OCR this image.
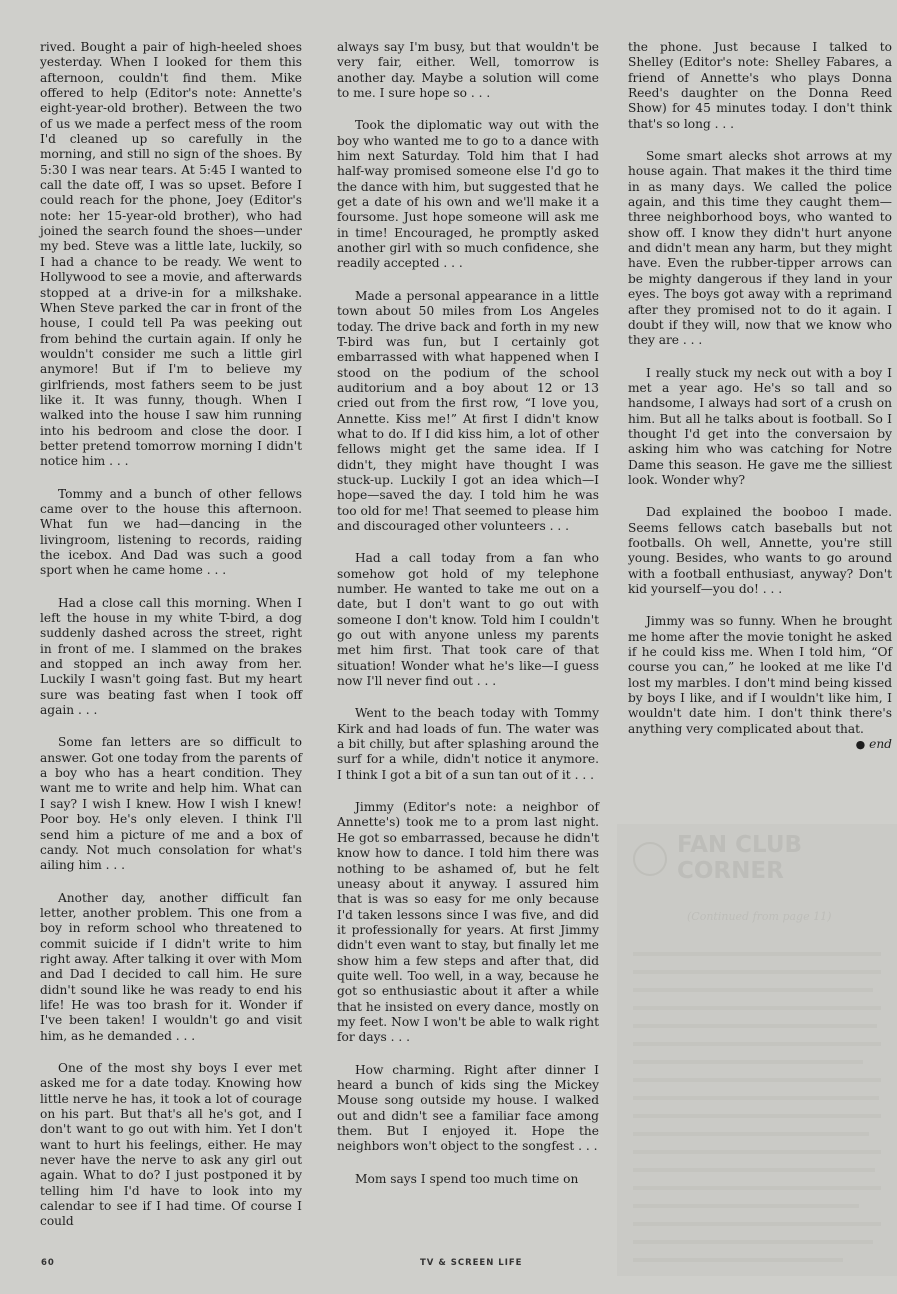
rived. Bought a pair of high-heeled shoes yesterday. When I looked for them this afternoon, couldn't find them. Mike offered to help (Editor's note: Annette's eight-year-old brother). Between the two of us we made a perfect mess of the room I'd cleaned up so carefully in the morning, and still no sign of the shoes. By 5:30 I was near tears. At 5:45 I wanted to call the date off, I was so upset. Before I could reach for the phone, Joey (Editor's note: her 15-year-old brother), who had joined the search found the shoes—under my bed. Steve was a little late, luckily, so I had a chance to be ready. We went to Hollywood to see a movie, and afterwards stopped at a drive-in for a milkshake. When Steve parked the car in front of the house, I could tell Pa was peeking out from behind the curtain again. If only he wouldn't consider me such a little girl anymore! But if I'm to believe my girlfriends, most fathers seem to be just like it. It was funny, though. When I walked into the house I saw him running into his bedroom and close the door. I better pretend tomorrow morning I didn't notice him . . .

Tommy and a bunch of other fellows came over to the house this afternoon. What fun we had—dancing in the livingroom, listening to records, raiding the icebox. And Dad was such a good sport when he came home . . .

Had a close call this morning. When I left the house in my white T-bird, a dog suddenly dashed across the street, right in front of me. I slammed on the brakes and stopped an inch away from her. Luckily I wasn't going fast. But my heart sure was beating fast when I took off again . . .

Some fan letters are so difficult to answer. Got one today from the parents of a boy who has a heart condition. They want me to write and help him. What can I say? I wish I knew. How I wish I knew! Poor boy. He's only eleven. I think I'll send him a picture of me and a box of candy. Not much consolation for what's ailing him . . .

Another day, another difficult fan letter, another problem. This one from a boy in reform school who threatened to commit suicide if I didn't write to him right away. After talking it over with Mom and Dad I decided to call him. He sure didn't sound like he was ready to end his life! He was too brash for it. Wonder if I've been taken! I wouldn't go and visit him, as he demanded . . .

One of the most shy boys I ever met asked me for a date today. Knowing how little nerve he has, it took a lot of courage on his part. But that's all he's got, and I don't want to go out with him. Yet I don't want to hurt his feelings, either. He may never have the nerve to ask any girl out again. What to do? I just postponed it by telling him I'd have to look into my calendar to see if I had time. Of course I could

always say I'm busy, but that wouldn't be very fair, either. Well, tomorrow is another day. Maybe a solution will come to me. I sure hope so . . .

Took the diplomatic way out with the boy who wanted me to go to a dance with him next Saturday. Told him that I had half-way promised someone else I'd go to the dance with him, but suggested that he get a date of his own and we'll make it a foursome. Just hope someone will ask me in time! Encouraged, he promptly asked another girl with so much confidence, she readily accepted . . .

Made a personal appearance in a little town about 50 miles from Los Angeles today. The drive back and forth in my new T-bird was fun, but I certainly got embarrassed with what happened when I stood on the podium of the school auditorium and a boy about 12 or 13 cried out from the first row, “I love you, Annette. Kiss me!” At first I didn't know what to do. If I did kiss him, a lot of other fellows might get the same idea. If I didn't, they might have thought I was stuck-up. Luckily I got an idea which—I hope—saved the day. I told him he was too old for me! That seemed to please him and discouraged other volunteers . . .

Had a call today from a fan who somehow got hold of my telephone number. He wanted to take me out on a date, but I don't want to go out with someone I don't know. Told him I couldn't go out with anyone unless my parents met him first. That took care of that situation! Wonder what he's like—I guess now I'll never find out . . .

Went to the beach today with Tommy Kirk and had loads of fun. The water was a bit chilly, but after splashing around the surf for a while, didn't notice it anymore. I think I got a bit of a sun tan out of it . . .

Jimmy (Editor's note: a neighbor of Annette's) took me to a prom last night. He got so embarrassed, because he didn't know how to dance. I told him there was nothing to be ashamed of, but he felt uneasy about it anyway. I assured him that is was so easy for me only because I'd taken lessons since I was five, and did it professionally for years. At first Jimmy didn't even want to stay, but finally let me show him a few steps and after that, did quite well. Too well, in a way, because he got so enthusiastic about it after a while that he insisted on every dance, mostly on my feet. Now I won't be able to walk right for days . . .

How charming. Right after dinner I heard a bunch of kids sing the Mickey Mouse song outside my house. I walked out and didn't see a familiar face among them. But I enjoyed it. Hope the neighbors won't object to the songfest . . .

Mom says I spend too much time on

the phone. Just because I talked to Shelley (Editor's note: Shelley Fabares, a friend of Annette's who plays Donna Reed's daughter on the Donna Reed Show) for 45 minutes today. I don't think that's so long . . .

Some smart alecks shot arrows at my house again. That makes it the third time in as many days. We called the police again, and this time they caught them—three neighborhood boys, who wanted to show off. I know they didn't hurt anyone and didn't mean any harm, but they might have. Even the rubber-tipper arrows can be mighty dangerous if they land in your eyes. The boys got away with a reprimand after they promised not to do it again. I doubt if they will, now that we know who they are . . .

I really stuck my neck out with a boy I met a year ago. He's so tall and so handsome, I always had sort of a crush on him. But all he talks about is football. So I thought I'd get into the conversaion by asking him who was catching for Notre Dame this season. He gave me the silliest look. Wonder why?

Dad explained the booboo I made. Seems fellows catch baseballs but not footballs. Oh well, Annette, you're still young. Besides, who wants to go around with a football enthusiast, anyway? Don't kid yourself—you do! . . .

Jimmy was so funny. When he brought me home after the movie tonight he asked if he could kiss me. When I told him, “Of course you can,” he looked at me like I'd lost my marbles. I don't mind being kissed by boys I like, and if I wouldn't like him, I wouldn't date him. I don't think there's anything very complicated about that.

● end
FAN CLUB
CORNER
(Continued from page 11)
60	TV & SCREEN LIFE
